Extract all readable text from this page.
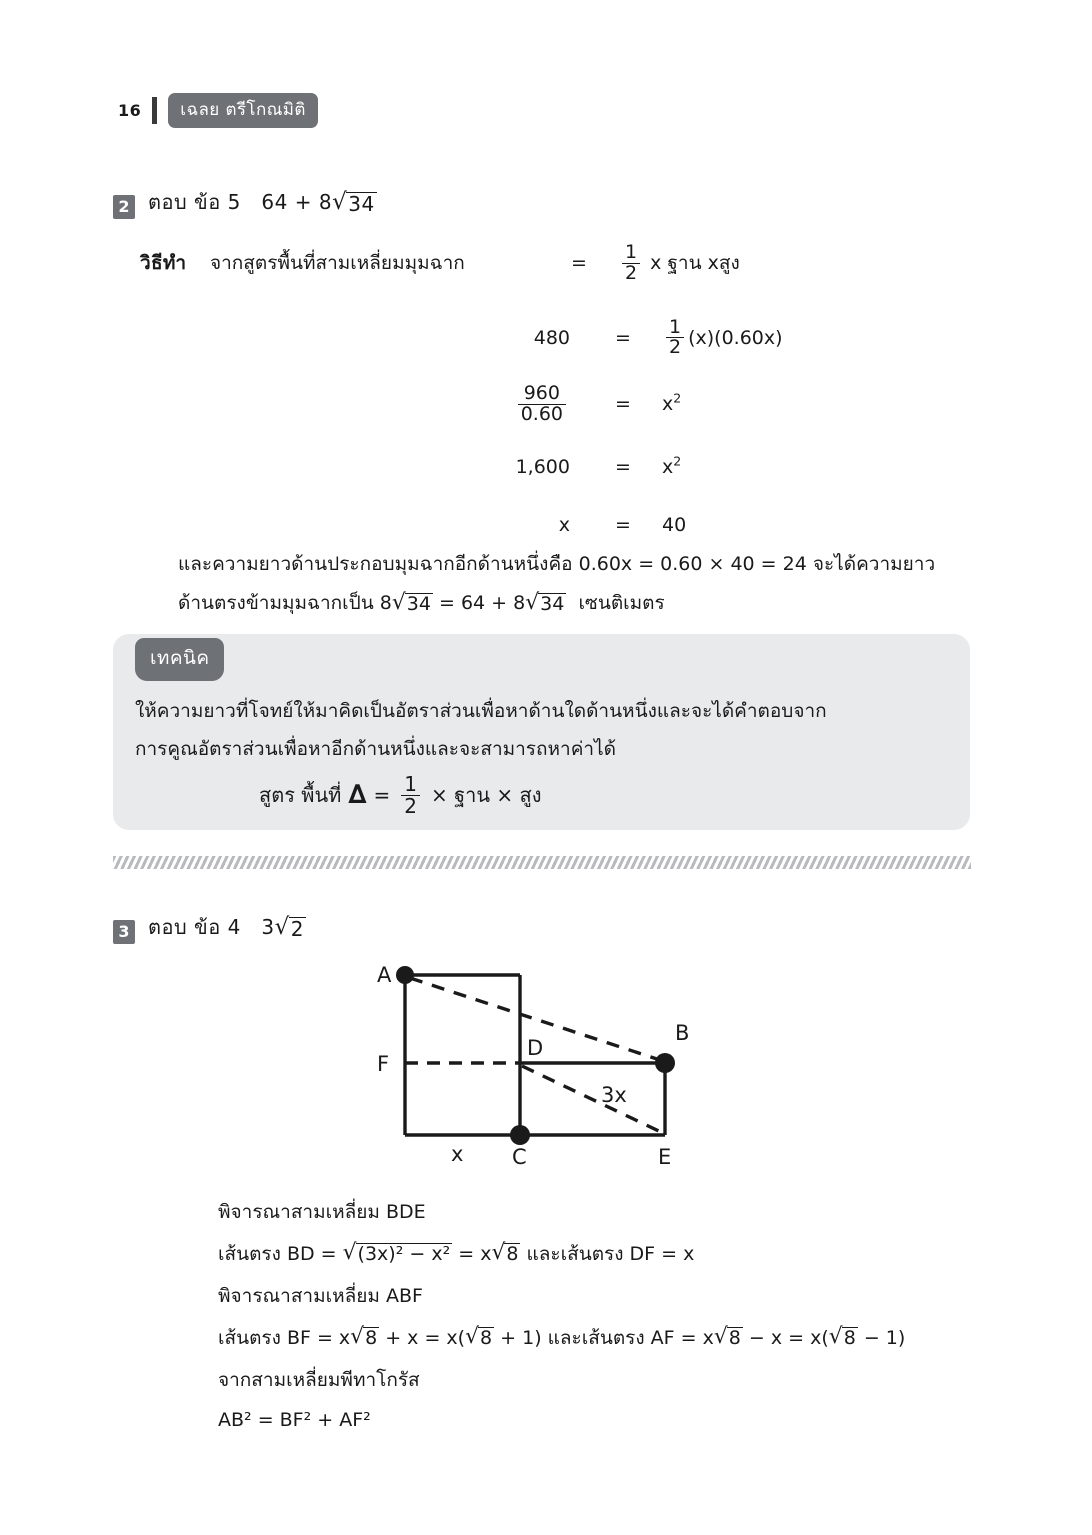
16	เฉลย ตรีโกณมิติ
2 ตอบ ข้อ 5 64 + 8 √ 34
วิธีทำ	จากสูตรพื้นที่สามเหลี่ยมมุมฉาก	=	$\frac{1}{2}$ x ฐาน xสูง
480	=	$\frac{1}{2} (x)(0.60x)$
$\frac{960}{0.60}$	=	$x^2$
1,600	=	$x^2$
x	=	40
และความยาวด้านประกอบมุมฉากอีกด้านหนึ่งคือ 0.60x = 0.60 × 40 = 24 จะได้ความยาว
ด้านตรงข้ามมุมฉากเป็น 8 √ 34 = 64 + 8 √ 34 เซนติเมตร
เทคนิค
ให้ความยาวที่โจทย์ให้มาคิดเป็นอัตราส่วนเพื่อหาด้านใดด้านหนึ่งและจะได้คำตอบจาก
การคูณอัตราส่วนเพื่อหาอีกด้านหนึ่งและจะสามารถหาค่าได้
สูตร พื้นที่ ∆ = $\frac{1}{2}$ × ฐาน × สูง
3 ตอบ ข้อ 4 3 √ 2
A
B
C
D
E
F
x
3x
พิจารณาสามเหลี่ยม BDE
เส้นตรง BD =
√ (3x)² − x²
= x √ 8
และเส้นตรง DF = x
พิจารณาสามเหลี่ยม ABF
เส้นตรง BF = x √ 8
+ x = x( √ 8
+ 1) และเส้นตรง AF = x √ 8
− x = x( √ 8
− 1)
จากสามเหลี่ยมพีทาโกรัส
AB² = BF² + AF²
